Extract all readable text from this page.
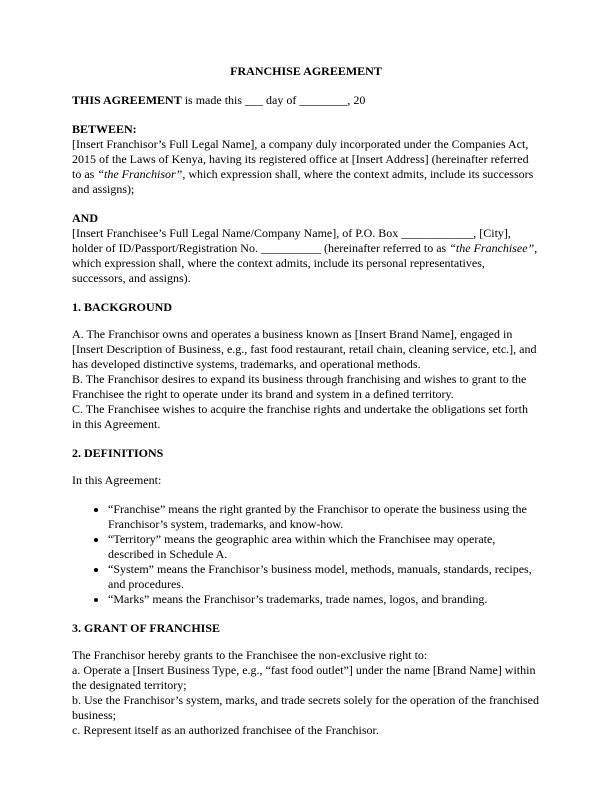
FRANCHISE AGREEMENT

THIS AGREEMENT is made this ___ day of ________, 20

BETWEEN:

[Insert Franchisor’s Full Legal Name], a company duly incorporated under the Companies Act, 2015 of the Laws of Kenya, having its registered office at [Insert Address] (hereinafter referred to as “the Franchisor”, which expression shall, where the context admits, include its successors and assigns);

AND

[Insert Franchisee’s Full Legal Name/Company Name], of P.O. Box ____________, [City], holder of ID/Passport/Registration No. __________ (hereinafter referred to as “the Franchisee”, which expression shall, where the context admits, include its personal representatives, successors, and assigns).

1. BACKGROUND

A. The Franchisor owns and operates a business known as [Insert Brand Name], engaged in [Insert Description of Business, e.g., fast food restaurant, retail chain, cleaning service, etc.], and has developed distinctive systems, trademarks, and operational methods.

B. The Franchisor desires to expand its business through franchising and wishes to grant to the Franchisee the right to operate under its brand and system in a defined territory.

C. The Franchisee wishes to acquire the franchise rights and undertake the obligations set forth in this Agreement.

2. DEFINITIONS

In this Agreement:

• “Franchise” means the right granted by the Franchisor to operate the business using the Franchisor’s system, trademarks, and know-how.
• “Territory” means the geographic area within which the Franchisee may operate, described in Schedule A.
• “System” means the Franchisor’s business model, methods, manuals, standards, recipes, and procedures.
• “Marks” means the Franchisor’s trademarks, trade names, logos, and branding.
3. GRANT OF FRANCHISE

The Franchisor hereby grants to the Franchisee the non-exclusive right to:

a. Operate a [Insert Business Type, e.g., “fast food outlet”] under the name [Brand Name] within the designated territory;

b. Use the Franchisor’s system, marks, and trade secrets solely for the operation of the franchised business;

c. Represent itself as an authorized franchisee of the Franchisor.
